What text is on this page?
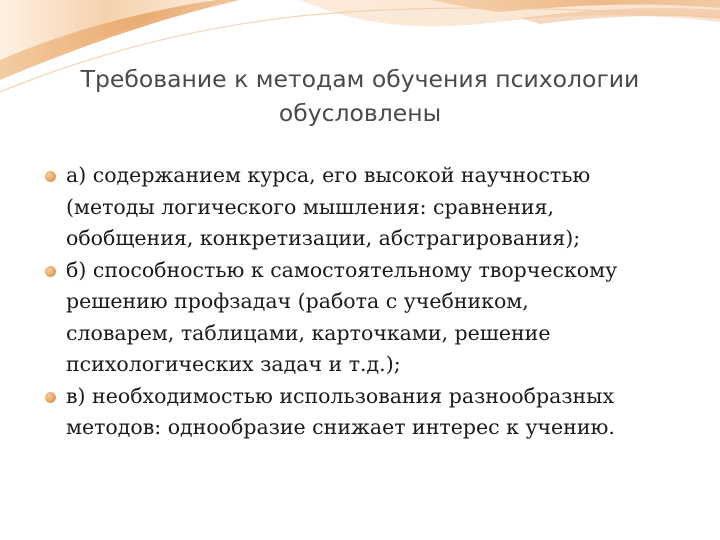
Требование к методам обучения психологии
обусловлены
а) содержанием курса, его высокой научностью
(методы логического мышления: сравнения,
обобщения, конкретизации, абстрагирования);
б) способностью к самостоятельному творческому
решению профзадач (работа с учебником,
словарем, таблицами, карточками, решение
психологических задач и т.д.);
в) необходимостью использования разнообразных
методов: однообразие снижает интерес к учению.
